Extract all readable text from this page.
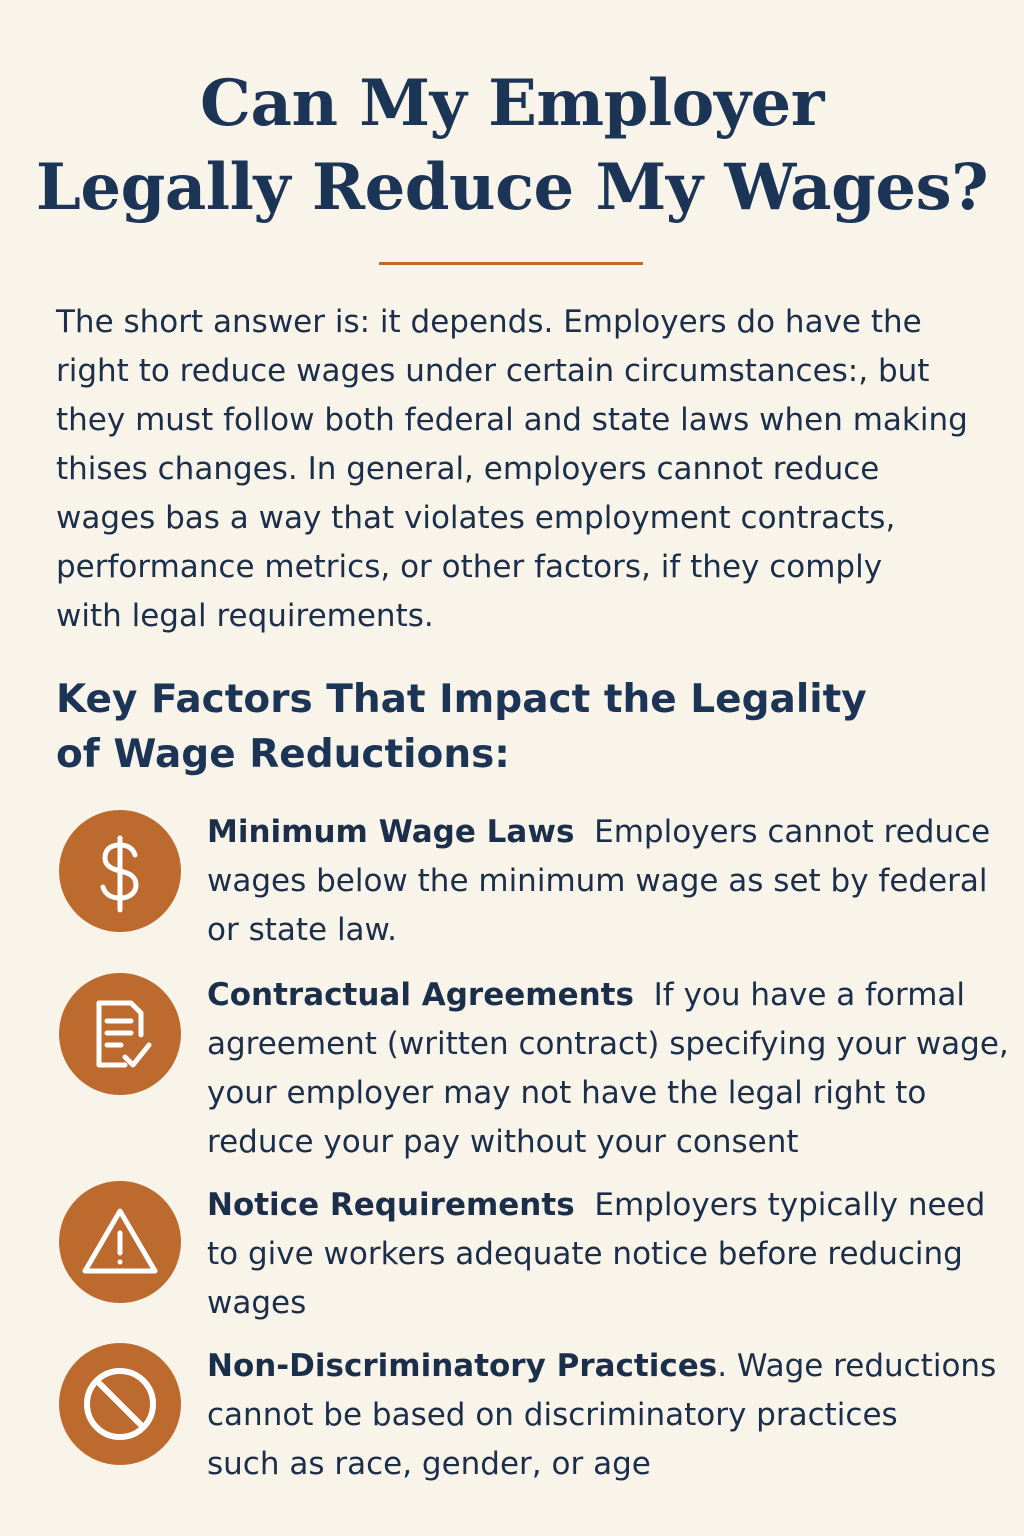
Can My Employer
Legally Reduce My Wages?
The short answer is: it depends. Employers do have the
right to reduce wages under certain circumstances:, but
they must follow both federal and state laws when making
thises changes. In general, employers cannot reduce
wages bas a way that violates employment contracts,
performance metrics, or other factors, if they comply
with legal requirements.
Key Factors That Impact the Legality
of Wage Reductions:
Minimum Wage Laws Employers cannot reduce
wages below the minimum wage as set by federal
or state law.
Contractual Agreements If you have a formal
agreement (written contract) specifying your wage,
your employer may not have the legal right to
reduce your pay without your consent
Notice Requirements Employers typically need
to give workers adequate notice before reducing
wages
Non-Discriminatory Practices. Wage reductions
cannot be based on discriminatory practices
such as race, gender, or age
